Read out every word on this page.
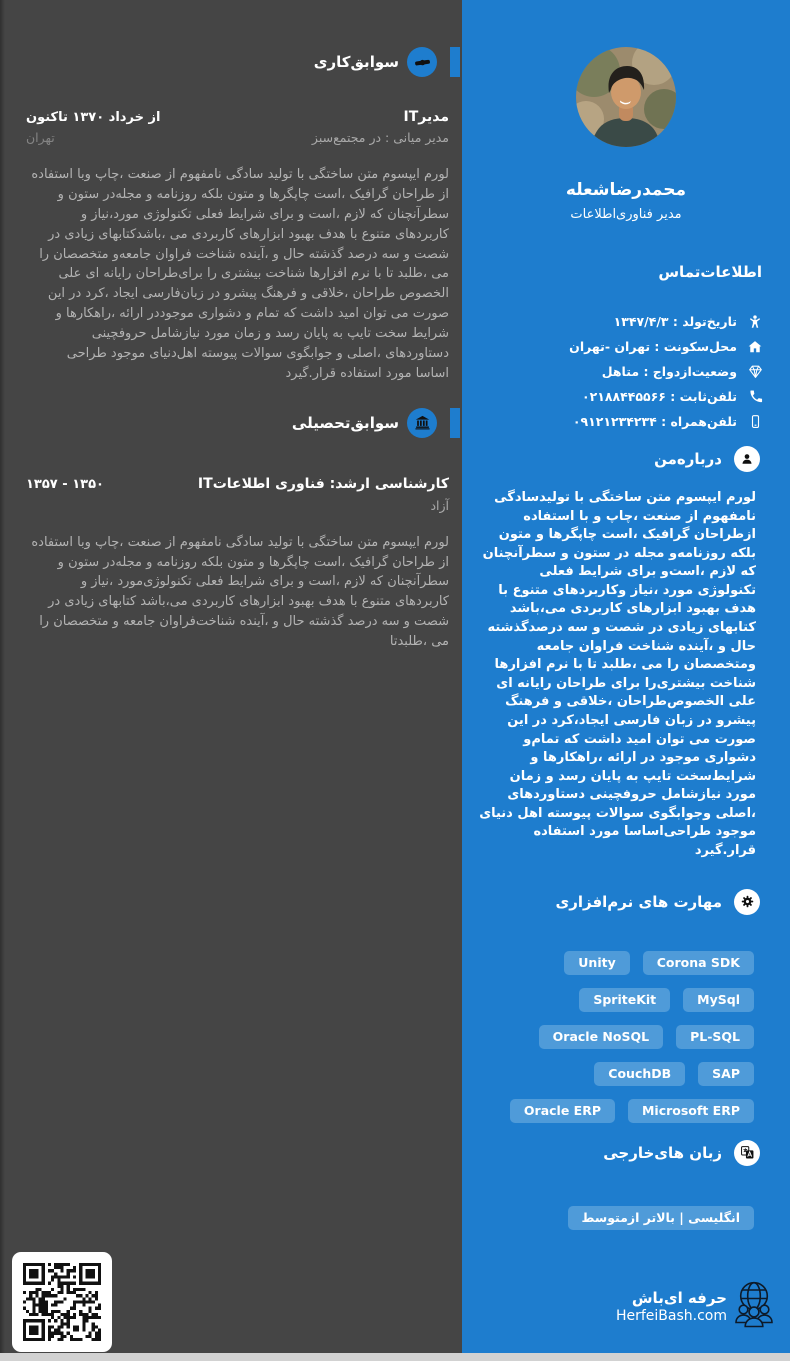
سوابق‌کاری
مدیرIT
از خرداد ۱۳۷۰ تاکنون
مدیر میانی : در مجتمع‌سبز
تهران

لورم ایپسوم متن ساختگی با تولید سادگی نامفهوم از صنعت ،چاپ وبا استفاده از طراحان گرافیک ،است چاپگرها و متون بلکه روزنامه و مجله‌در ستون و سطرآنچنان که لازم ،است و برای شرایط فعلی تکنولوژی مورد،نیاز و کاربردهای متنوع با هدف بهبود ابزارهای کاربردی می ،باشدکتابهای زیادی در شصت و سه درصد گذشته حال و ،آینده شناخت فراوان جامعه‌و متخصصان را می ،طلبد تا با نرم افزارها شناخت بیشتری را برای‌طراحان رایانه ای علی الخصوص طراحان ،خلاقی و فرهنگ پیشرو در زبان‌فارسی ایجاد ،کرد در این صورت می توان امید داشت که تمام و دشواری موجوددر ارائه ،راهکارها و شرایط سخت تایپ به پایان رسد و زمان مورد نیازشامل حروفچینی دستاوردهای ،اصلی و جوابگوی سوالات پیوسته اهل‌دنیای موجود طراحی اساسا مورد استفاده قرار.گیرد

سوابق‌تحصیلی
کارشناسی ارشد: فناوری اطلاعاتIT
۱۳۵۰ - ۱۳۵۷
آزاد

لورم ایپسوم متن ساختگی با تولید سادگی نامفهوم از صنعت ،چاپ وبا استفاده از طراحان گرافیک ،است چاپگرها و متون بلکه روزنامه و مجله‌در ستون و سطرآنچنان که لازم ،است و برای شرایط فعلی تکنولوژی‌مورد ،نیاز و کاربردهای متنوع با هدف بهبود ابزارهای کاربردی می،باشد کتابهای زیادی در شصت و سه درصد گذشته حال و ،آینده شناخت‌فراوان جامعه و متخصصان را می ،طلبدتا

محمدرضاشعله
مدیر فناوری‌اطلاعات
اطلاعات‌تماس
تاریخ‌تولد : ۱۳۴۷/۴/۳
محل‌سکونت : تهران -تهران
وضعیت‌ازدواج : متاهل
تلفن‌ثابت : ۰۲۱۸۸۴۴۵۵۶۶
تلفن‌همراه : ۰۹۱۲۱۲۳۴۲۳۴
درباره‌من

لورم ایپسوم متن ساختگی با تولیدسادگی نامفهوم از صنعت ،چاپ و با استفاده ازطراحان گرافیک ،است چاپگرها و متون بلکه روزنامه‌و مجله در ستون و سطرآنچنان که لازم ،است‌و برای شرایط فعلی تکنولوژی مورد ،نیاز وکاربردهای متنوع با هدف بهبود ابزارهای کاربردی می‌،باشد کتابهای زیادی در شصت و سه درصدگذشته حال و ،آینده شناخت فراوان جامعه ومتخصصان را می ،طلبد تا با نرم افزارها شناخت بیشتری‌را برای طراحان رایانه ای علی الخصوص‌طراحان ،خلاقی و فرهنگ پیشرو در زبان فارسی ایجاد،کرد در این صورت می توان امید داشت که تمام‌و دشواری موجود در ارائه ،راهکارها و شرایط‌سخت تایپ به پایان رسد و زمان مورد نیازشامل حروفچینی دستاوردهای ،اصلی وجوابگوی سوالات پیوسته اهل دنیای موجود طراحی‌اساسا مورد استفاده قرار.گیرد

مهارت های نرم‌افزاری
Corona SDK
Unity
MySql
SpriteKit
PL-SQL
Oracle NoSQL
SAP
CouchDB
Microsoft ERP
Oracle ERP
زبان های‌خارجی
انگلیسی | بالاتر ازمتوسط
حرفه ای‌باش
HerfeiBash.com
